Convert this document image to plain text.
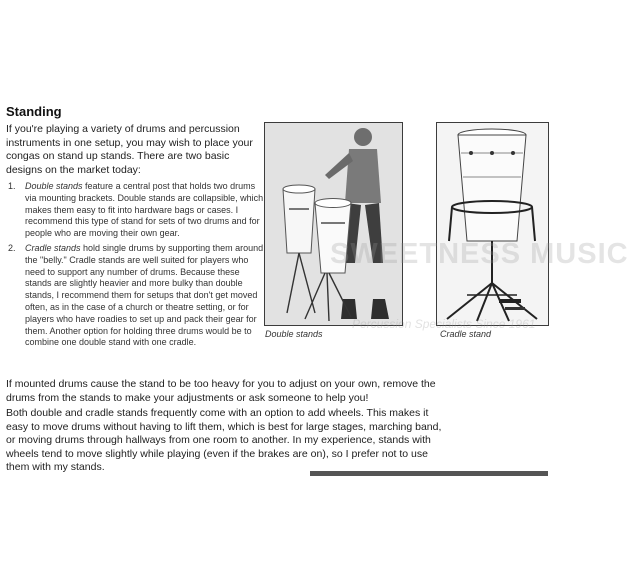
Standing

If you're playing a variety of drums and percussion instruments in one setup, you may wish to place your congas on stand up stands. There are two basic designs on the market today:

1. Double stands feature a central post that holds two drums via mounting brackets. Double stands are collapsible, which makes them easy to fit into hardware bags or cases. I recommend this type of stand for sets of two drums and for people who are moving their own gear.
2. Cradle stands hold single drums by supporting them around the "belly." Cradle stands are well suited for players who need to support any number of drums. Because these stands are slightly heavier and more bulky than double stands, I recommend them for setups that don't get moved often, as in the case of a church or theatre setting, or for players who have roadies to set up and pack their gear for them. Another option for holding three drums would be to combine one double stand with one cradle.

Double stands	Cradle stand

SWEETNESS MUSIC

Percussion Specialists Since 1961

If mounted drums cause the stand to be too heavy for you to adjust on your own, remove the drums from the stands to make your adjustments or ask someone to help you!

Both double and cradle stands frequently come with an option to add wheels. This makes it easy to move drums without having to lift them, which is best for large stages, marching band, or moving drums through hallways from one room to another. In my experience, stands with wheels tend to move slightly while playing (even if the brakes are on), so I prefer not to use them with my stands.
